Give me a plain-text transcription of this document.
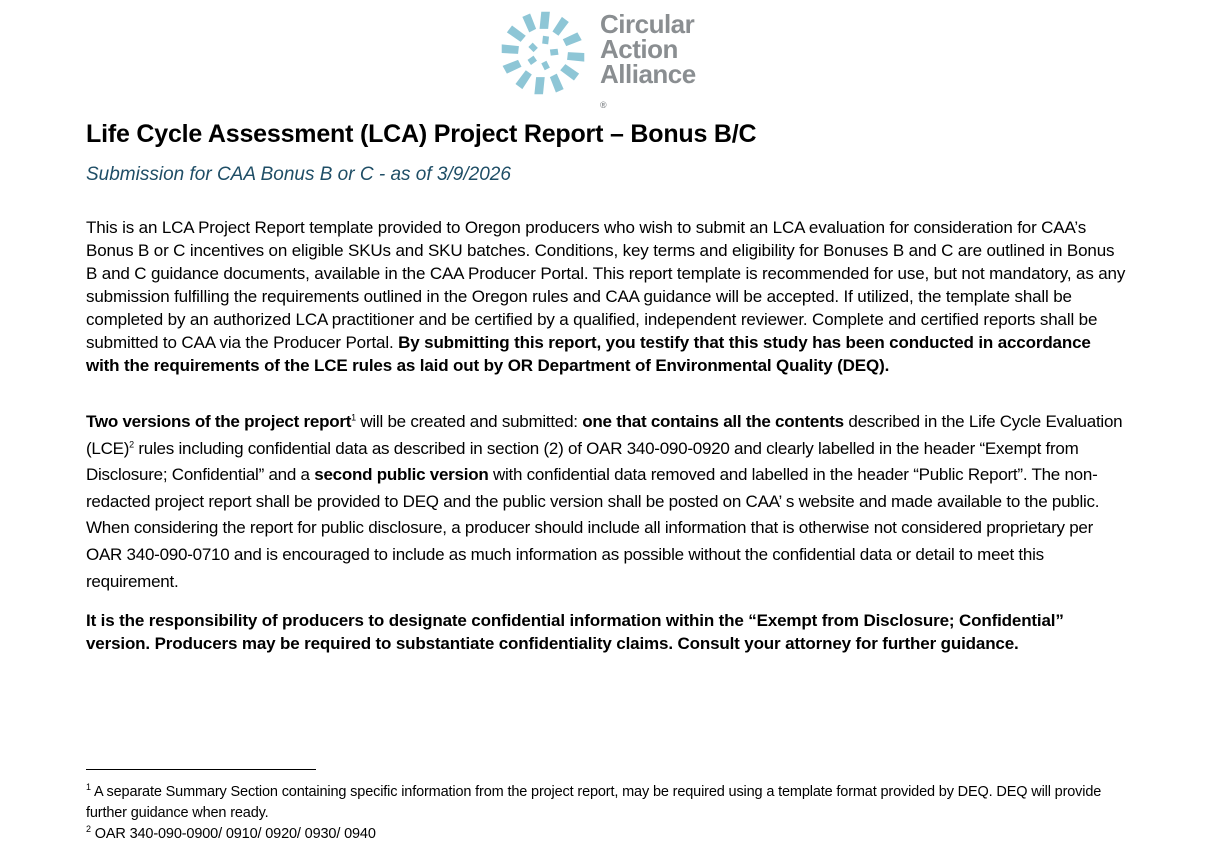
Circular
Action
Alliance
®
Life Cycle Assessment (LCA) Project Report – Bonus B/C

Submission for CAA Bonus B or C - as of 3/9/2026

This is an LCA Project Report template provided to Oregon producers who wish to submit an LCA evaluation for consideration for CAA’s Bonus B or C incentives on eligible SKUs and SKU batches. Conditions, key terms and eligibility for Bonuses B and C are outlined in Bonus B and C guidance documents, available in the CAA Producer Portal. This report template is recommended for use, but not mandatory, as any submission fulfilling the requirements outlined in the Oregon rules and CAA guidance will be accepted. If utilized, the template shall be completed by an authorized LCA practitioner and be certified by a qualified, independent reviewer. Complete and certified reports shall be submitted to CAA via the Producer Portal. By submitting this report, you testify that this study has been conducted in accordance with the requirements of the LCE rules as laid out by OR Department of Environmental Quality (DEQ).

Two versions of the project report$^1$ will be created and submitted: one that contains all the contents described in the Life Cycle Evaluation (LCE)$^2$ rules including confidential data as described in section (2) of OAR 340-090-0920 and clearly labelled in the header “Exempt from Disclosure; Confidential” and a second public version with confidential data removed and labelled in the header “Public Report”. The non-redacted project report shall be provided to DEQ and the public version shall be posted on CAA’ s website and made available to the public. When considering the report for public disclosure, a producer should include all information that is otherwise not considered proprietary per OAR 340-090-0710 and is encouraged to include as much information as possible without the confidential data or detail to meet this requirement.

It is the responsibility of producers to designate confidential information within the “Exempt from Disclosure; Confidential” version. Producers may be required to substantiate confidentiality claims. Consult your attorney for further guidance.

$^1$ A separate Summary Section containing specific information from the project report, may be required using a template format provided by DEQ. DEQ will provide further guidance when ready.

$^2$ OAR 340-090-0900/ 0910/ 0920/ 0930/ 0940
